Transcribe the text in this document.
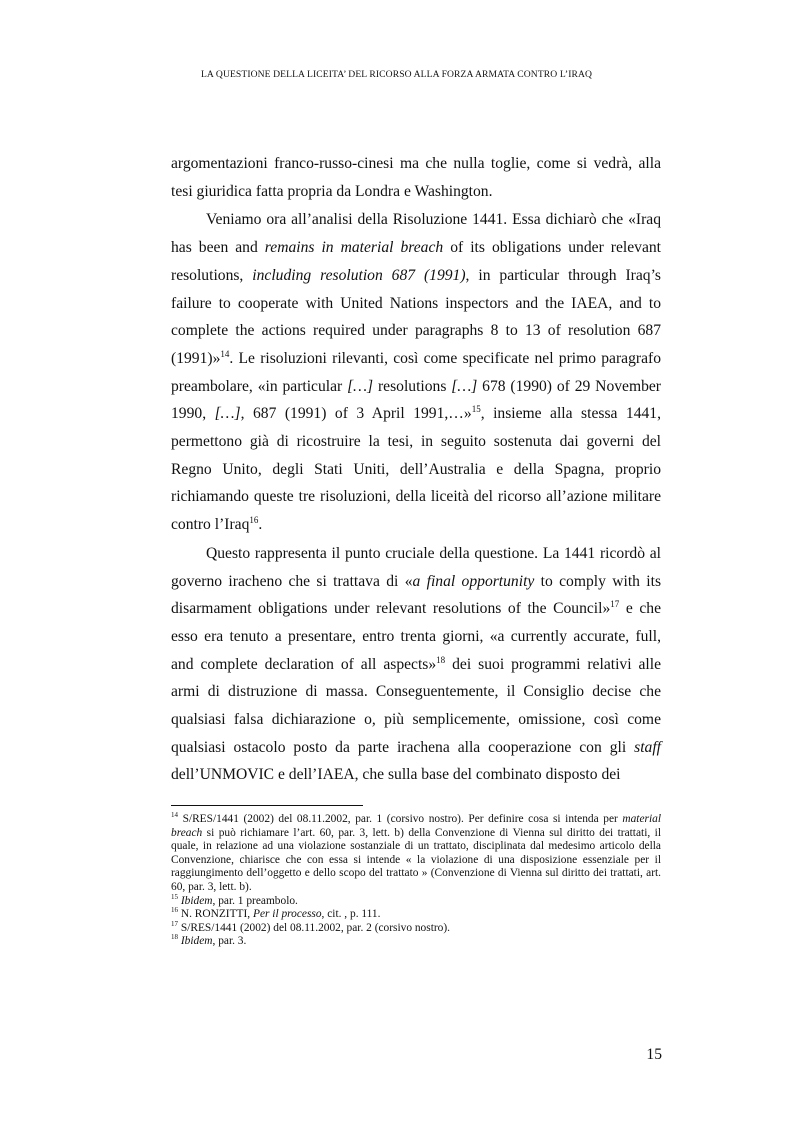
LA QUESTIONE DELLA LICEITA’ DEL RICORSO ALLA FORZA ARMATA CONTRO L’IRAQ

argomentazioni franco-russo-cinesi ma che nulla toglie, come si vedrà, alla tesi giuridica fatta propria da Londra e Washington.

Veniamo ora all’analisi della Risoluzione 1441. Essa dichiarò che «Iraq has been and remains in material breach of its obligations under relevant resolutions, including resolution 687 (1991), in particular through Iraq’s failure to cooperate with United Nations inspectors and the IAEA, and to complete the actions required under paragraphs 8 to 13 of resolution 687 (1991)»$^{14}$. Le risoluzioni rilevanti, così come specificate nel primo paragrafo preambolare, «in particular […] resolutions […] 678 (1990) of 29 November 1990, […], 687 (1991) of 3 April 1991,…»$^{15}$, insieme alla stessa 1441, permettono già di ricostruire la tesi, in seguito sostenuta dai governi del Regno Unito, degli Stati Uniti, dell’Australia e della Spagna, proprio richiamando queste tre risoluzioni, della liceità del ricorso all’azione militare contro l’Iraq$^{16}$.

Questo rappresenta il punto cruciale della questione. La 1441 ricordò al governo iracheno che si trattava di «a final opportunity to comply with its disarmament obligations under relevant resolutions of the Council»$^{17}$ e che esso era tenuto a presentare, entro trenta giorni, «a currently accurate, full, and complete declaration of all aspects»$^{18}$ dei suoi programmi relativi alle armi di distruzione di massa. Conseguentemente, il Consiglio decise che qualsiasi falsa dichiarazione o, più semplicemente, omissione, così come qualsiasi ostacolo posto da parte irachena alla cooperazione con gli staff dell’UNMOVIC e dell’IAEA, che sulla base del combinato disposto dei

$^{14}$ S/RES/1441 (2002) del 08.11.2002, par. 1 (corsivo nostro). Per definire cosa si intenda per material breach si può richiamare l’art. 60, par. 3, lett. b) della Convenzione di Vienna sul diritto dei trattati, il quale, in relazione ad una violazione sostanziale di un trattato, disciplinata dal medesimo articolo della Convenzione, chiarisce che con essa si intende « la violazione di una disposizione essenziale per il raggiungimento dell’oggetto e dello scopo del trattato » (Convenzione di Vienna sul diritto dei trattati, art. 60, par. 3, lett. b).

$^{15}$ Ibidem, par. 1 preambolo.

$^{16}$ N. RONZITTI, Per il processo, cit. , p. 111.

$^{17}$ S/RES/1441 (2002) del 08.11.2002, par. 2 (corsivo nostro).

$^{18}$ Ibidem, par. 3.

15
